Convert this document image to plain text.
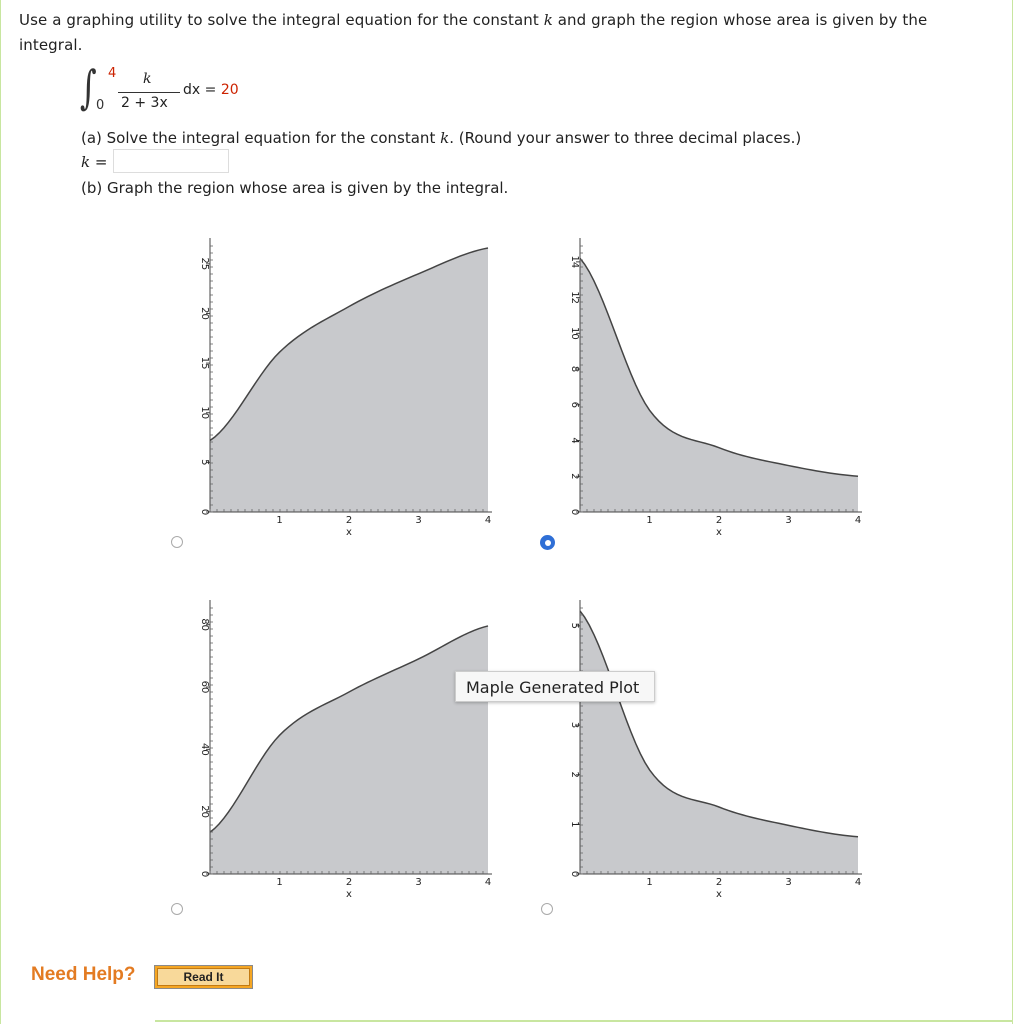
Use a graphing utility to solve the integral equation for the constant k and graph the region whose area is given by the integral.
∫ 4
0
k
2 + 3x
dx = 20
(a) Solve the integral equation for the constant k. (Round your answer to three decimal places.)
k =
(b) Graph the region whose area is given by the integral.
0
5
10
15
20
25
1	2	3	4
x
0
2
4
6
8
10
12
14
1	2	3	4
x
0
20
40
60
80
1	2	3	4
x
0
1
2
3
5
1	2	3	4
x
Maple Generated Plot
Need Help?	Read It
